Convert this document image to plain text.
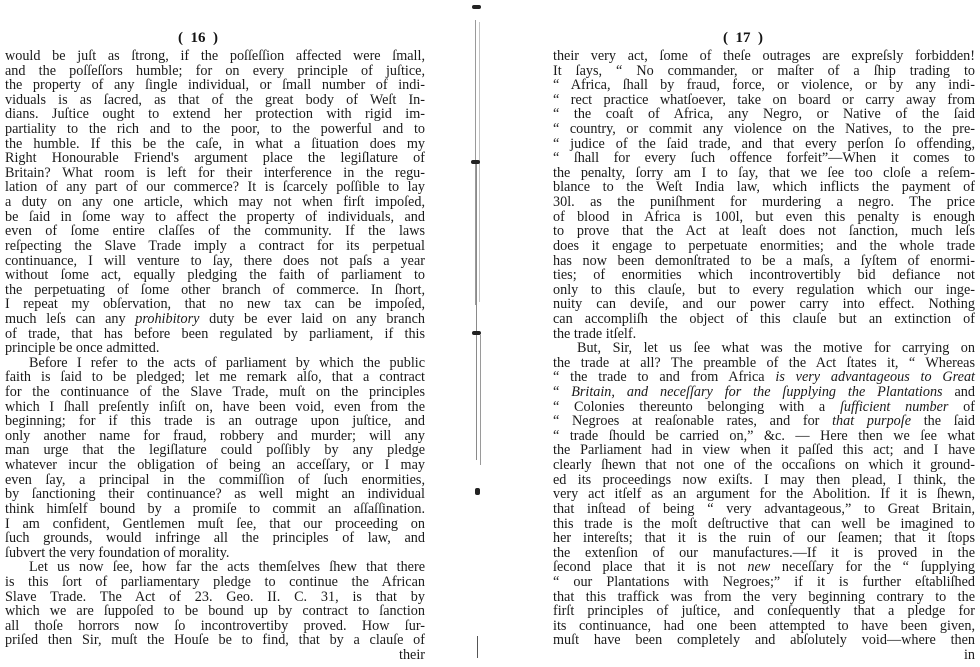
(  16  )
would be juſt as ſtrong, if the poſſeſſion affected were ſmall,
and the poſſeſſors humble; for on every principle of juſtice,
the property of any ſingle individual, or ſmall number of indi-
viduals is as ſacred, as that of the great body of Weſt In-
dians. Juſtice ought to extend her protection with rigid im-
partiality to the rich and to the poor, to the powerful and to
the humble. If this be the caſe, in what a ſituation does my
Right Honourable Friend's argument place the legiſlature of
Britain? What room is left for their interference in the regu-
lation of any part of our commerce? It is ſcarcely poſſible to lay
a duty on any one article, which may not when firſt impoſed,
be ſaid in ſome way to affect the property of individuals, and
even of ſome entire claſſes of the community. If the laws
reſpecting the Slave Trade imply a contract for its perpetual
continuance, I will venture to ſay, there does not paſs a year
without ſome act, equally pledging the faith of parliament to
the perpetuating of ſome other branch of commerce. In ſhort,
I repeat my obſervation, that no new tax can be impoſed,
much leſs can any prohibitory duty be ever laid on any branch
of trade, that has before been regulated by parliament, if this
principle be once admitted.
Before I refer to the acts of parliament by which the public
faith is ſaid to be pledged; let me remark alſo, that a contract
for the continuance of the Slave Trade, muſt on the principles
which I ſhall preſently inſiſt on, have been void, even from the
beginning; for if this trade is an outrage upon juſtice, and
only another name for fraud, robbery and murder; will any
man urge that the legiſlature could poſſibly by any pledge
whatever incur the obligation of being an acceſſary, or I may
even ſay, a principal in the commiſſion of ſuch enormities,
by ſanctioning their continuance? as well might an individual
think himſelf bound by a promiſe to commit an aſſaſſination.
I am confident, Gentlemen muſt ſee, that our proceeding on
ſuch grounds, would infringe all the principles of law, and
ſubvert the very foundation of morality.
Let us now ſee, how far the acts themſelves ſhew that there
is this ſort of parliamentary pledge to continue the African
Slave Trade. The Act of 23. Geo. II. C. 31, is that by
which we are ſuppoſed to be bound up by contract to ſanction
all thoſe horrors now ſo incontrovertiby proved. How ſur-
priſed then Sir, muſt the Houſe be to find, that by a clauſe of
their
(  17  )
their very act, ſome of theſe outrages are expreſsly forbidden!
It ſays, “ No commander, or maſter of a ſhip trading to
“ Africa, ſhall by fraud, force, or violence, or by any indi-
“ rect practice whatſoever, take on board or carry away from
“ the coaſt of Africa, any Negro, or Native of the ſaid
“ country, or commit any violence on the Natives, to the pre-
“ judice of the ſaid trade, and that every perſon ſo offending,
“ ſhall for every ſuch offence forfeit”—When it comes to
the penalty, ſorry am I to ſay, that we ſee too cloſe a reſem-
blance to the Weſt India law, which inflicts the payment of
30l. as the puniſhment for murdering a negro. The price
of blood in Africa is 100l, but even this penalty is enough
to prove that the Act at leaſt does not ſanction, much leſs
does it engage to perpetuate enormities; and the whole trade
has now been demonſtrated to be a maſs, a ſyſtem of enormi-
ties; of enormities which incontrovertibly bid defiance not
only to this clauſe, but to every regulation which our inge-
nuity can deviſe, and our power carry into effect. Nothing
can accompliſh the object of this clauſe but an extinction of
the trade itſelf.
But, Sir, let us ſee what was the motive for carrying on
the trade at all? The preamble of the Act ſtates it, “ Whereas
“ the trade to and from Africa is very advantageous to Great
“ Britain, and neceſſary for the ſupplying the Plantations and
“ Colonies thereunto belonging with a ſufficient number of
“ Negroes at reaſonable rates, and for that purpoſe the ſaid
“ trade ſhould be carried on,” &c. — Here then we ſee what
the Parliament had in view when it paſſed this act; and I have
clearly ſhewn that not one of the occaſions on which it ground-
ed its proceedings now exiſts. I may then plead, I think, the
very act itſelf as an argument for the Abolition. If it is ſhewn,
that inſtead of being “ very advantageous,” to Great Britain,
this trade is the moſt deſtructive that can well be imagined to
her intereſts; that it is the ruin of our ſeamen; that it ſtops
the extenſion of our manufactures.—If it is proved in the
ſecond place that it is not new neceſſary for the “ ſupplying
“ our Plantations with Negroes;” if it is further eſtabliſhed
that this traffick was from the very beginning contrary to the
firſt principles of juſtice, and conſequently that a pledge for
its continuance, had one been attempted to have been given,
muſt have been completely and abſolutely void—where then
in
